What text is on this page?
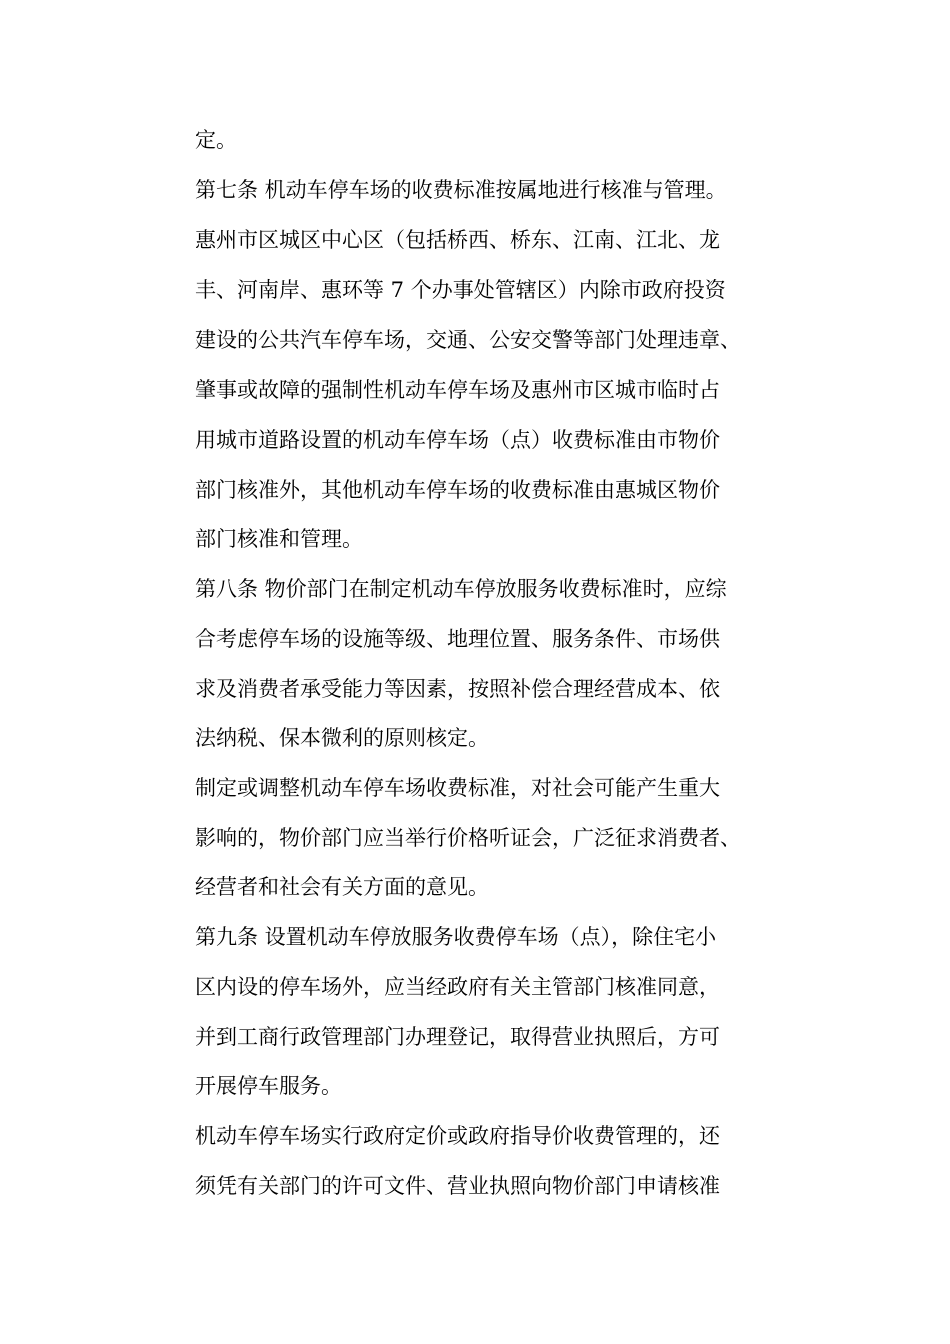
定。
第七条 机动车停车场的收费标准按属地进行核准与管理。
惠州市区城区中心区（包括桥西、桥东、江南、江北、龙
丰、河南岸、惠环等 7 个办事处管辖区）内除市政府投资
建设的公共汽车停车场，交通、公安交警等部门处理违章、
肇事或故障的强制性机动车停车场及惠州市区城市临时占
用城市道路设置的机动车停车场（点）收费标准由市物价
部门核准外，其他机动车停车场的收费标准由惠城区物价
部门核准和管理。
第八条 物价部门在制定机动车停放服务收费标准时，应综
合考虑停车场的设施等级、地理位置、服务条件、市场供
求及消费者承受能力等因素，按照补偿合理经营成本、依
法纳税、保本微利的原则核定。
制定或调整机动车停车场收费标准，对社会可能产生重大
影响的，物价部门应当举行价格听证会，广泛征求消费者、
经营者和社会有关方面的意见。
第九条 设置机动车停放服务收费停车场（点），除住宅小
区内设的停车场外，应当经政府有关主管部门核准同意，
并到工商行政管理部门办理登记，取得营业执照后，方可
开展停车服务。
机动车停车场实行政府定价或政府指导价收费管理的，还
须凭有关部门的许可文件、营业执照向物价部门申请核准
